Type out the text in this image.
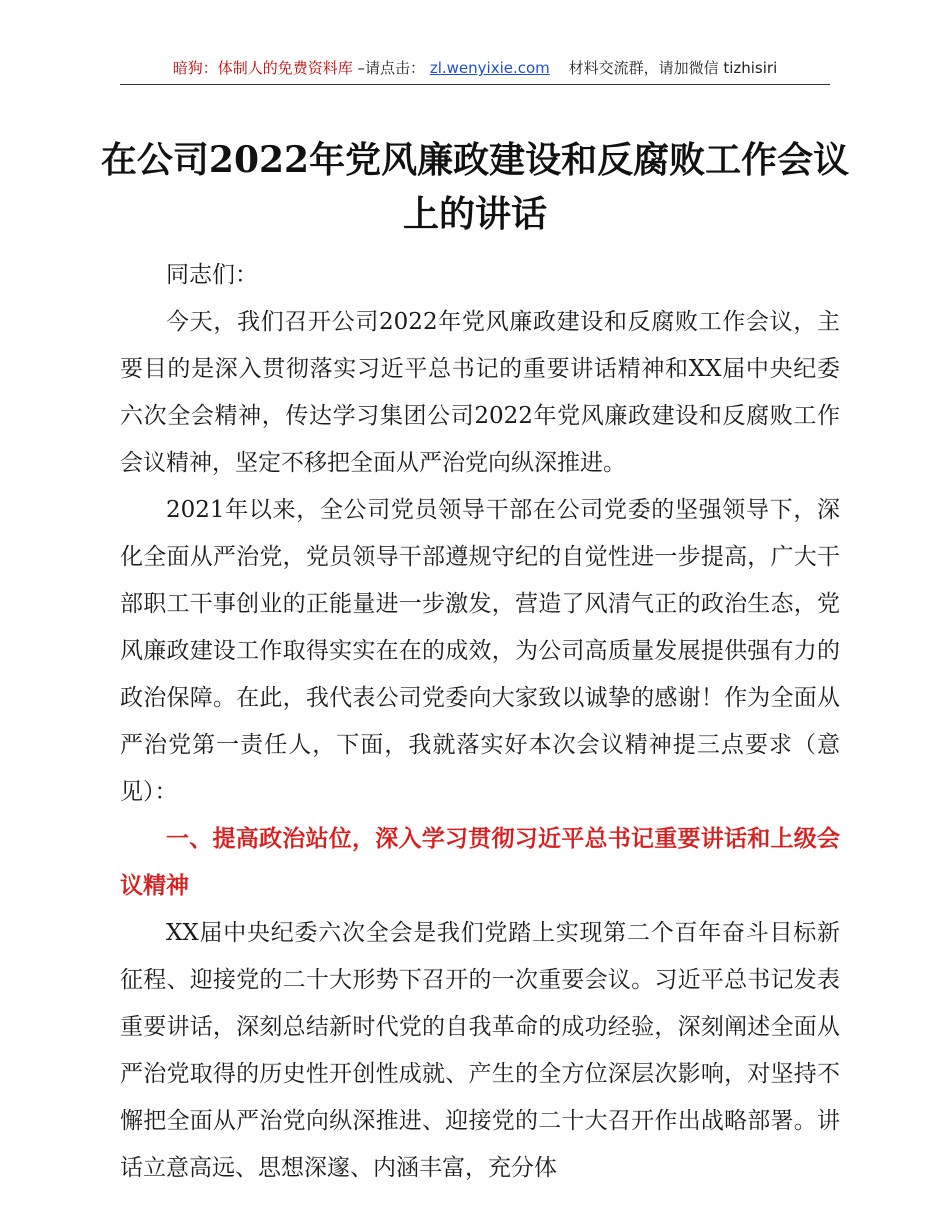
暗狗：体制人的免费资料库 –请点击： zl.wenyixie.com 材料交流群，请加微信 tizhisiri
在公司2022年党风廉政建设和反腐败工作会议上的讲话

同志们：

今天，我们召开公司2022年党风廉政建设和反腐败工作会议，主要目的是深入贯彻落实习近平总书记的重要讲话精神和XX届中央纪委六次全会精神，传达学习集团公司2022年党风廉政建设和反腐败工作会议精神，坚定不移把全面从严治党向纵深推进。

2021年以来，全公司党员领导干部在公司党委的坚强领导下，深化全面从严治党，党员领导干部遵规守纪的自觉性进一步提高，广大干部职工干事创业的正能量进一步激发，营造了风清气正的政治生态，党风廉政建设工作取得实实在在的成效，为公司高质量发展提供强有力的政治保障。在此，我代表公司党委向大家致以诚挚的感谢！作为全面从严治党第一责任人，下面，我就落实好本次会议精神提三点要求（意见）：

一、提高政治站位，深入学习贯彻习近平总书记重要讲话和上级会议精神

XX届中央纪委六次全会是我们党踏上实现第二个百年奋斗目标新征程、迎接党的二十大形势下召开的一次重要会议。习近平总书记发表重要讲话，深刻总结新时代党的自我革命的成功经验，深刻阐述全面从严治党取得的历史性开创性成就、产生的全方位深层次影响，对坚持不懈把全面从严治党向纵深推进、迎接党的二十大召开作出战略部署。讲话立意高远、思想深邃、内涵丰富，充分体
